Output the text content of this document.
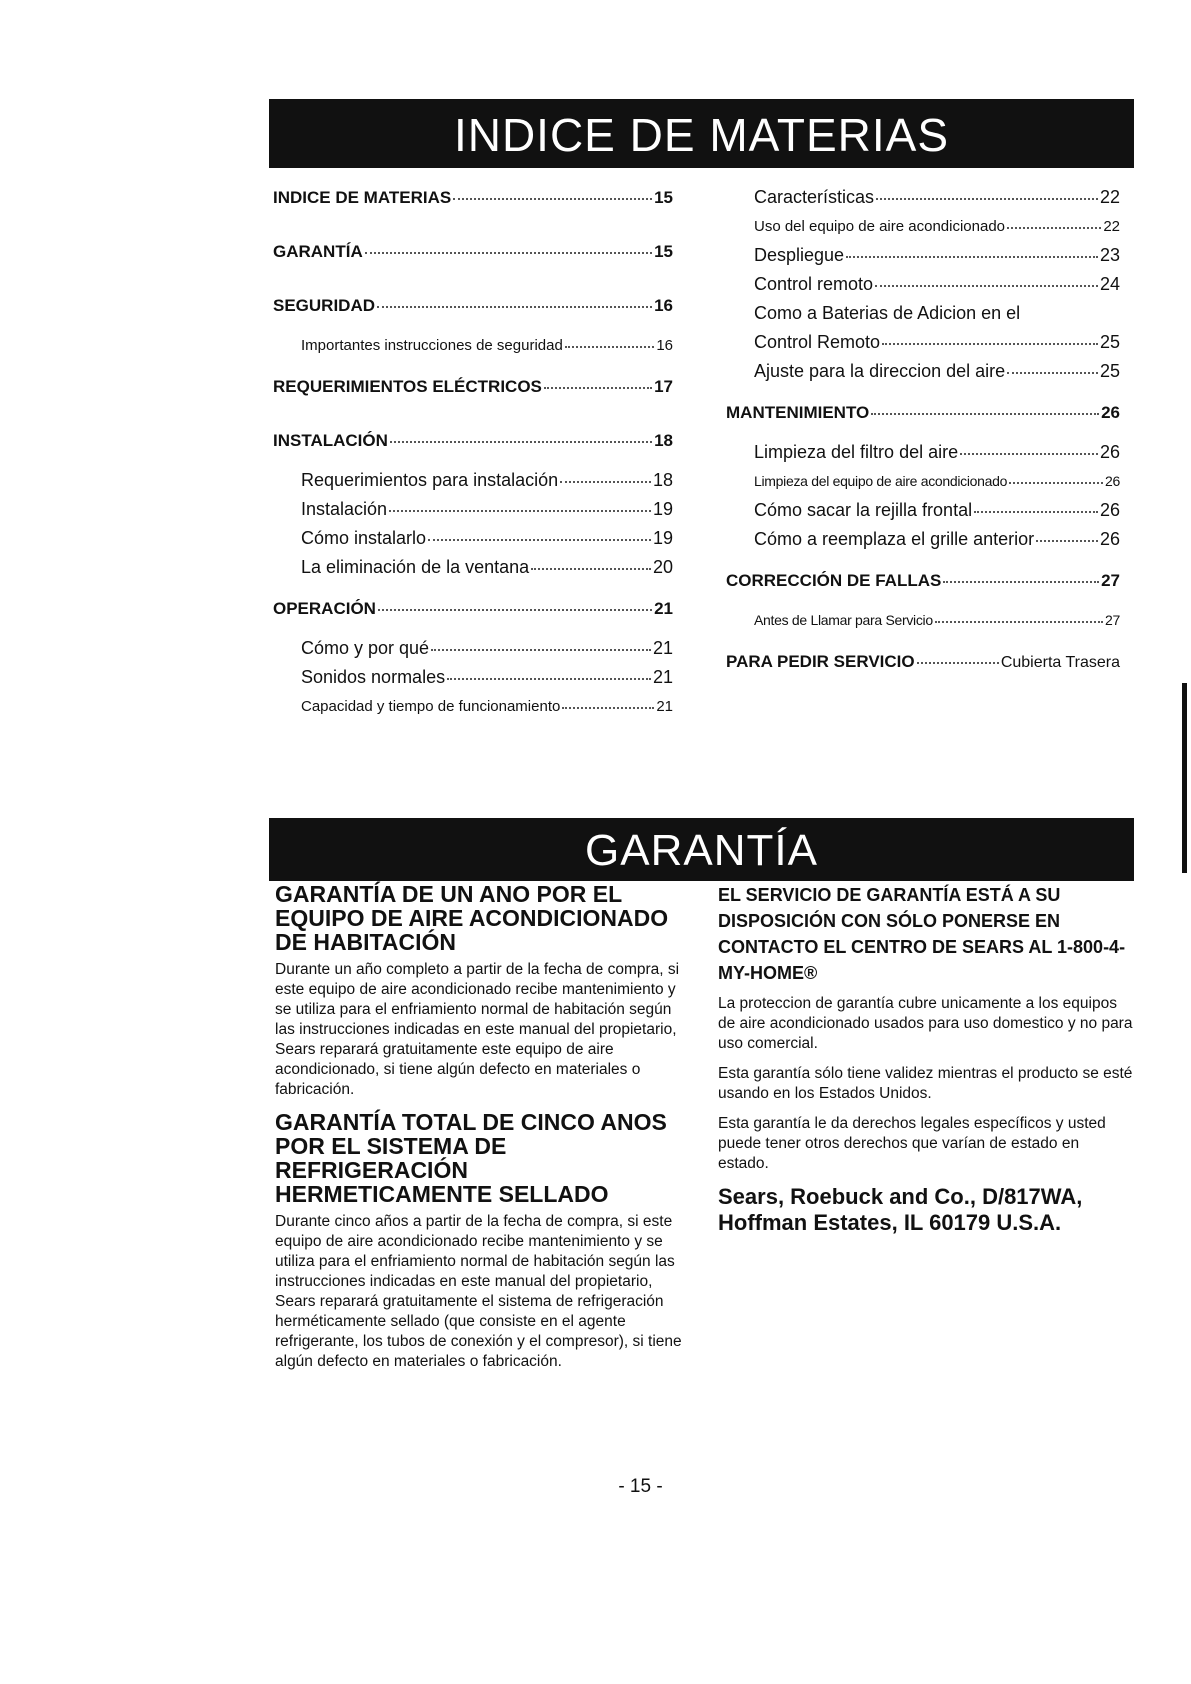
INDICE DE MATERIAS
INDICE DE MATERIAS	15
GARANTÍA	15
SEGURIDAD	16
Importantes instrucciones de seguridad	16
REQUERIMIENTOS ELÉCTRICOS	17
INSTALACIÓN	18
Requerimientos para instalación	18
Instalación	19
Cómo instalarlo	19
La eliminación de la ventana	20
OPERACIÓN	21
Cómo y por qué	21
Sonidos normales	21
Capacidad y tiempo de funcionamiento	21
Características	22
Uso del equipo de aire acondicionado	22
Despliegue	23
Control remoto	24
Como a Baterias de Adicion en el
Control Remoto	25
Ajuste para la direccion del aire	25
MANTENIMIENTO	26
Limpieza del filtro del aire	26
Limpieza del equipo de aire acondicionado	26
Cómo sacar la rejilla frontal	26
Cómo a reemplaza el grille anterior	26
CORRECCIÓN DE FALLAS	27
Antes de Llamar para Servicio	27
PARA PEDIR SERVICIO	Cubierta Trasera
GARANTÍA
GARANTÍA DE UN ANO POR EL EQUIPO DE AIRE ACONDICIONADO DE HABITACIÓN

Durante un año completo a partir de la fecha de compra, si este equipo de aire acondicionado recibe mantenimiento y se utiliza para el enfriamiento normal de habitación según las instrucciones indicadas en este manual del propietario, Sears reparará gratuitamente este equipo de aire acondicionado, si tiene algún defecto en materiales o fabricación.

GARANTÍA TOTAL DE CINCO ANOS POR EL SISTEMA DE REFRIGERACIÓN HERMETICAMENTE SELLADO

Durante cinco años a partir de la fecha de compra, si este equipo de aire acondicionado recibe mantenimiento y se utiliza para el enfriamiento normal de habitación según las instrucciones indicadas en este manual del propietario, Sears reparará gratuitamente el sistema de refrigeración herméticamente sellado (que consiste en el agente refrigerante, los tubos de conexión y el compresor), si tiene algún defecto en materiales o fabricación.

EL SERVICIO DE GARANTÍA ESTÁ A SU DISPOSICIÓN CON SÓLO PONERSE EN CONTACTO EL CENTRO DE SEARS AL 1-800-4-MY-HOME®

La proteccion de garantía cubre unicamente a los equipos de aire acondicionado usados para uso domestico y no para uso comercial.

Esta garantía sólo tiene validez mientras el producto se esté usando en los Estados Unidos.

Esta garantía le da derechos legales específicos y usted puede tener otros derechos que varían de estado en estado.

Sears, Roebuck and Co., D/817WA, Hoffman Estates, IL 60179 U.S.A.
- 15 -
